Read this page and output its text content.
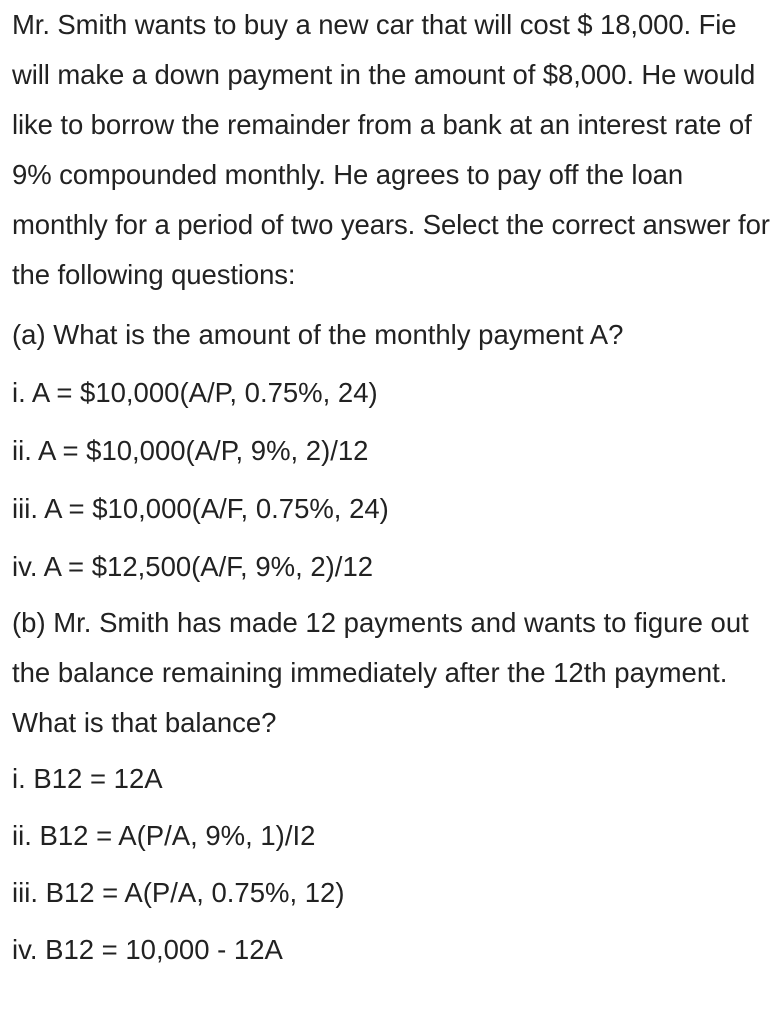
Mr. Smith wants to buy a new car that will cost $ 18,000. Fie will make a down payment in the amount of $8,000. He would like to borrow the remainder from a bank at an interest rate of 9% compounded monthly. He agrees to pay off the loan monthly for a period of two years. Select the correct answer for the following questions:

(a) What is the amount of the monthly payment A?

i. A = $10,000(A/P, 0.75%, 24)
ii. A = $10,000(A/P, 9%, 2)/12
iii. A = $10,000(A/F, 0.75%, 24)
iv. A = $12,500(A/F, 9%, 2)/12

(b) Mr. Smith has made 12 payments and wants to figure out the balance remaining immediately after the 12th payment. What is that balance?

i. B12 = 12A
ii. B12 = A(P/A, 9%, 1)/I2
iii. B12 = A(P/A, 0.75%, 12)
iv. B12 = 10,000 - 12A
